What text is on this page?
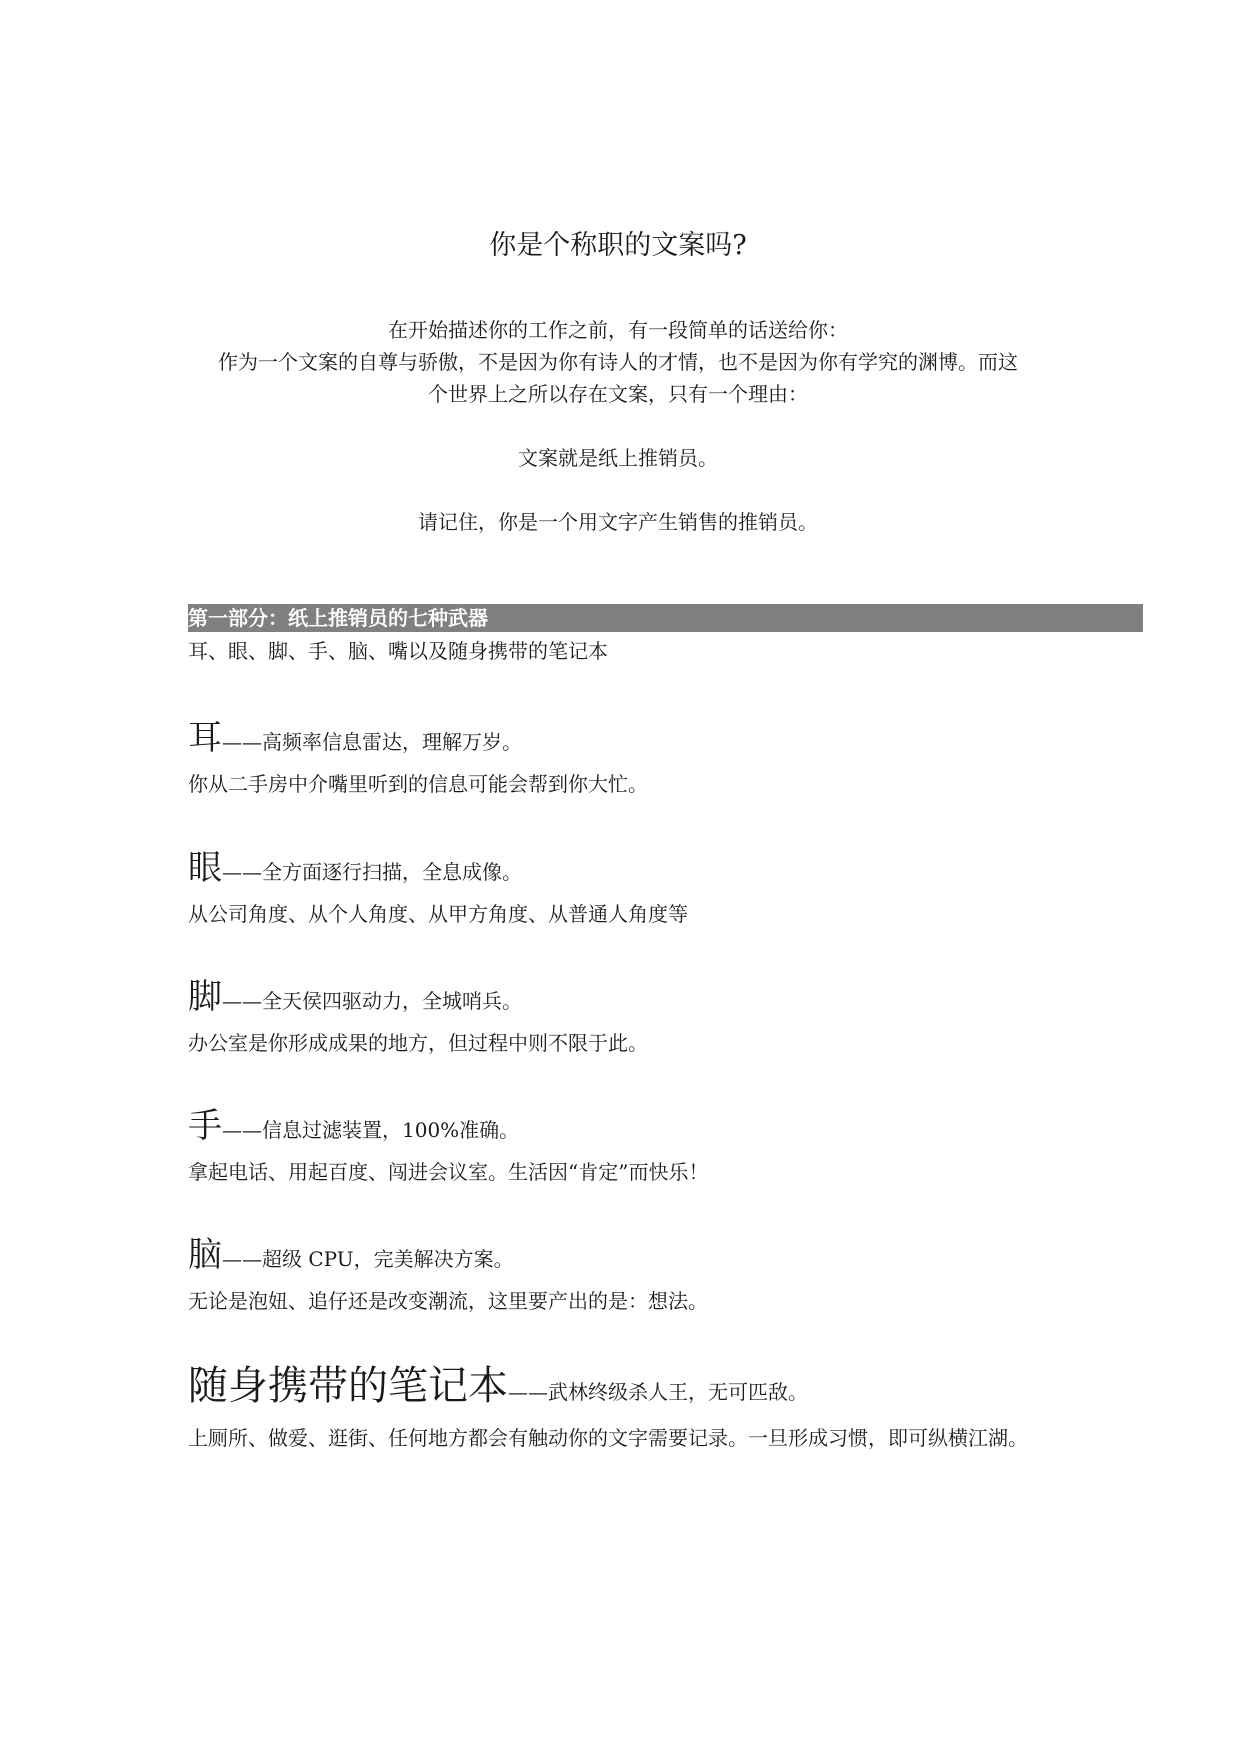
你是个称职的文案吗?
在开始描述你的工作之前，有一段简单的话送给你：
作为一个文案的自尊与骄傲，不是因为你有诗人的才情，也不是因为你有学究的渊博。而这
个世界上之所以存在文案，只有一个理由：
文案就是纸上推销员。
请记住，你是一个用文字产生销售的推销员。
第一部分：纸上推销员的七种武器
耳、眼、脚、手、脑、嘴以及随身携带的笔记本
耳——高频率信息雷达，理解万岁。
你从二手房中介嘴里听到的信息可能会帮到你大忙。
眼——全方面逐行扫描，全息成像。
从公司角度、从个人角度、从甲方角度、从普通人角度等
脚——全天侯四驱动力，全城哨兵。
办公室是你形成成果的地方，但过程中则不限于此。
手——信息过滤装置，100%准确。
拿起电话、用起百度、闯进会议室。生活因“肯定”而快乐！
脑——超级 CPU，完美解决方案。
无论是泡妞、追仔还是改变潮流，这里要产出的是：想法。
随身携带的笔记本——武林终级杀人王，无可匹敌。
上厕所、做爱、逛街、任何地方都会有触动你的文字需要记录。一旦形成习惯，即可纵横江湖。
